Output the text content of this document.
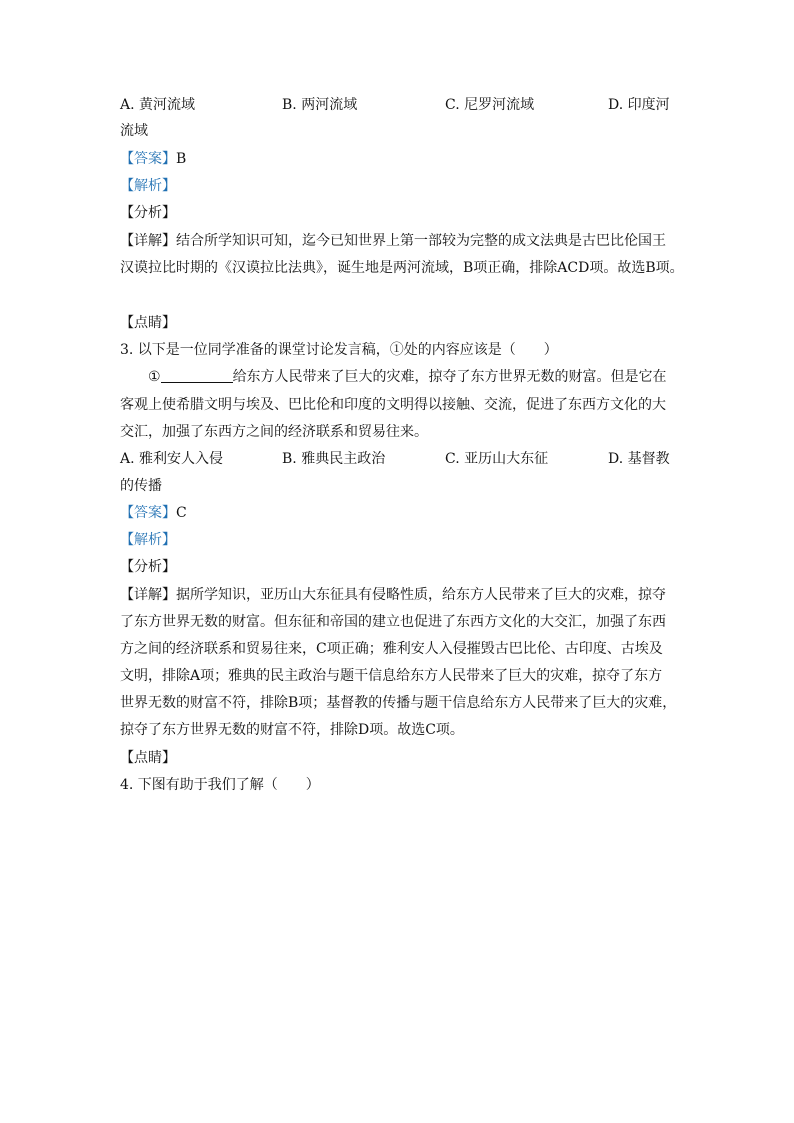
A. 黄河流域	B. 两河流域	C. 尼罗河流域	D. 印度河
流域
【答案】B
【解析】
【分析】
【详解】结合所学知识可知，迄今已知世界上第一部较为完整的成文法典是古巴比伦国王
汉谟拉比时期的《汉谟拉比法典》，诞生地是两河流域，B项正确，排除ACD项。故选B项。
【点睛】
3. 以下是一位同学准备的课堂讨论发言稿，①处的内容应该是（　　）
①	给东方人民带来了巨大的灾难，掠夺了东方世界无数的财富。但是它在
客观上使希腊文明与埃及、巴比伦和印度的文明得以接触、交流，促进了东西方文化的大
交汇，加强了东西方之间的经济联系和贸易往来。
A. 雅利安人入侵	B. 雅典民主政治	C. 亚历山大东征	D. 基督教
的传播
【答案】C
【解析】
【分析】
【详解】据所学知识，亚历山大东征具有侵略性质，给东方人民带来了巨大的灾难，掠夺
了东方世界无数的财富。但东征和帝国的建立也促进了东西方文化的大交汇，加强了东西
方之间的经济联系和贸易往来，C项正确；雅利安人入侵摧毁古巴比伦、古印度、古埃及
文明，排除A项；雅典的民主政治与题干信息给东方人民带来了巨大的灾难，掠夺了东方
世界无数的财富不符，排除B项；基督教的传播与题干信息给东方人民带来了巨大的灾难，
掠夺了东方世界无数的财富不符，排除D项。故选C项。
【点睛】
4. 下图有助于我们了解（　　）
